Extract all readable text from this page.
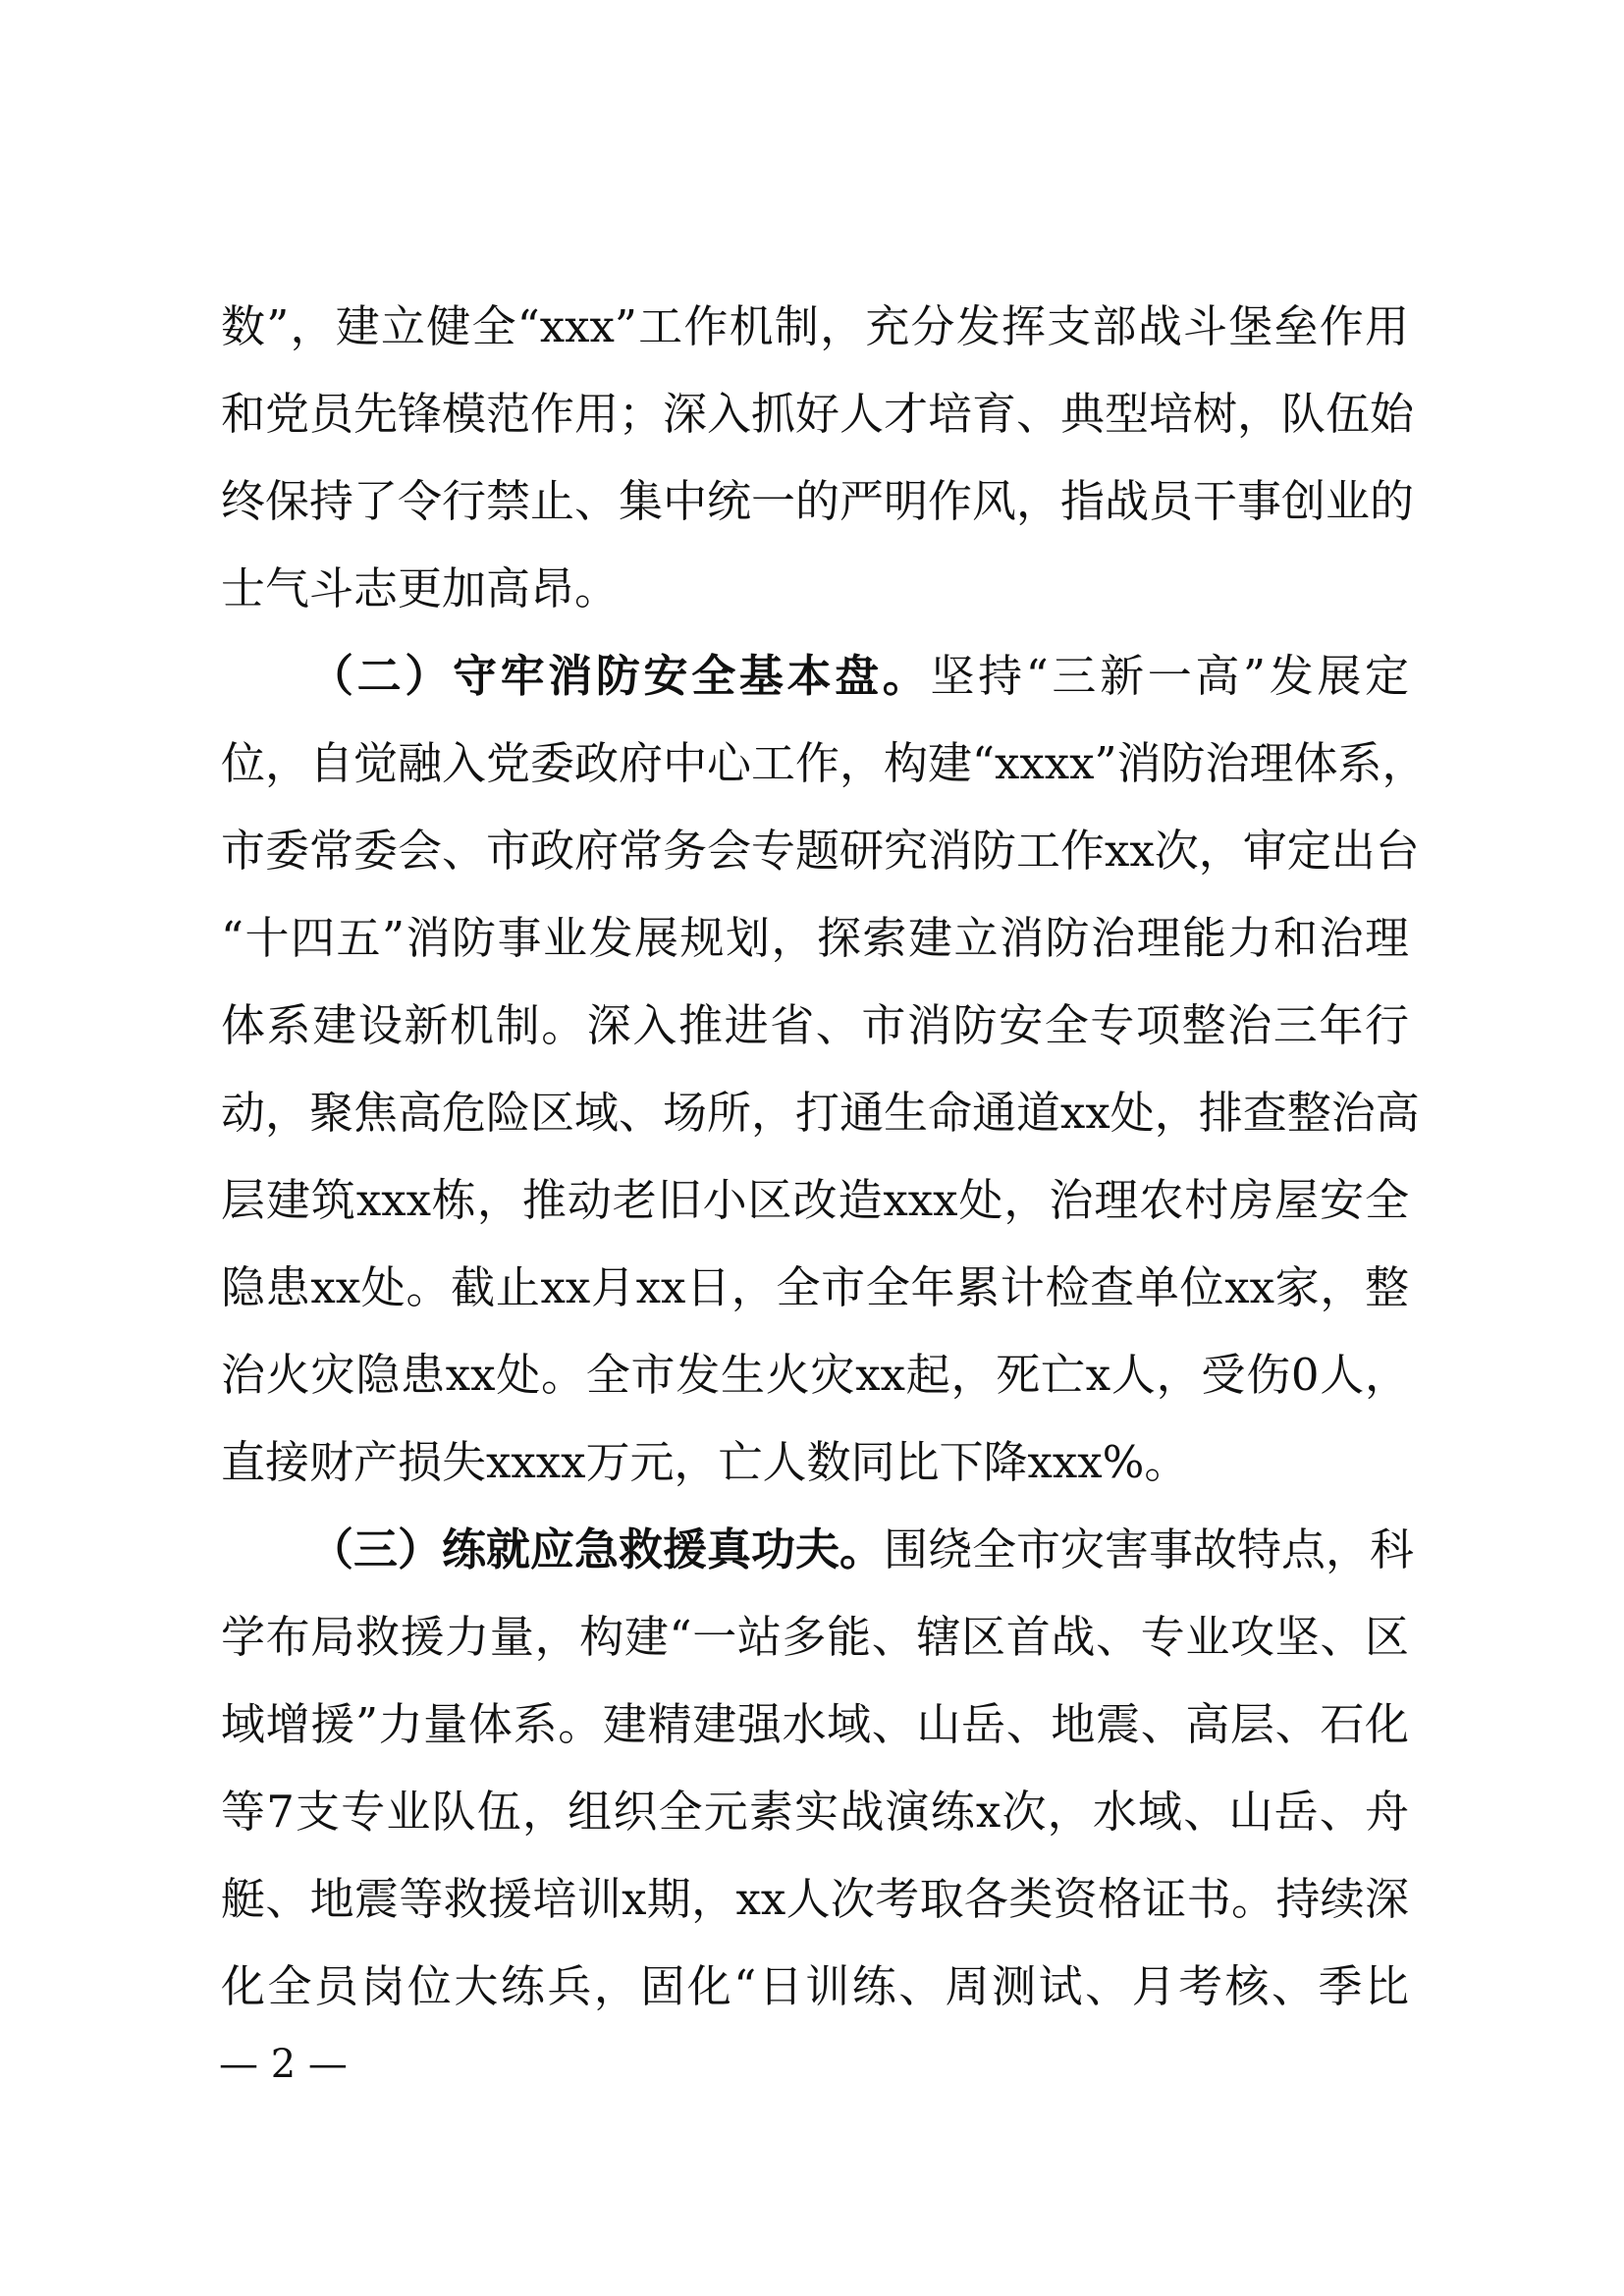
数”，建立健全“xxx”工作机制，充分发挥支部战斗堡垒作用
和党员先锋模范作用；深入抓好人才培育、典型培树，队伍始
终保持了令行禁止、集中统一的严明作风，指战员干事创业的
士气斗志更加高昂。
（二）守牢消防安全基本盘。坚持“三新一高”发展定
位，自觉融入党委政府中心工作，构建“xxxx”消防治理体系，
市委常委会、市政府常务会专题研究消防工作xx次，审定出台
“十四五”消防事业发展规划，探索建立消防治理能力和治理
体系建设新机制。深入推进省、市消防安全专项整治三年行
动，聚焦高危险区域、场所，打通生命通道xx处，排查整治高
层建筑xxx栋，推动老旧小区改造xxx处，治理农村房屋安全
隐患xx处。截止xx月xx日，全市全年累计检查单位xx家，整
治火灾隐患xx处。全市发生火灾xx起，死亡x人，受伤0人，
直接财产损失xxxx万元，亡人数同比下降xxx%。
（三）练就应急救援真功夫。围绕全市灾害事故特点，科
学布局救援力量，构建“一站多能、辖区首战、专业攻坚、区
域增援”力量体系。建精建强水域、山岳、地震、高层、石化
等7支专业队伍，组织全元素实战演练x次，水域、山岳、舟
艇、地震等救援培训x期，xx人次考取各类资格证书。持续深
化全员岗位大练兵，固化“日训练、周测试、月考核、季比
— 2 —
